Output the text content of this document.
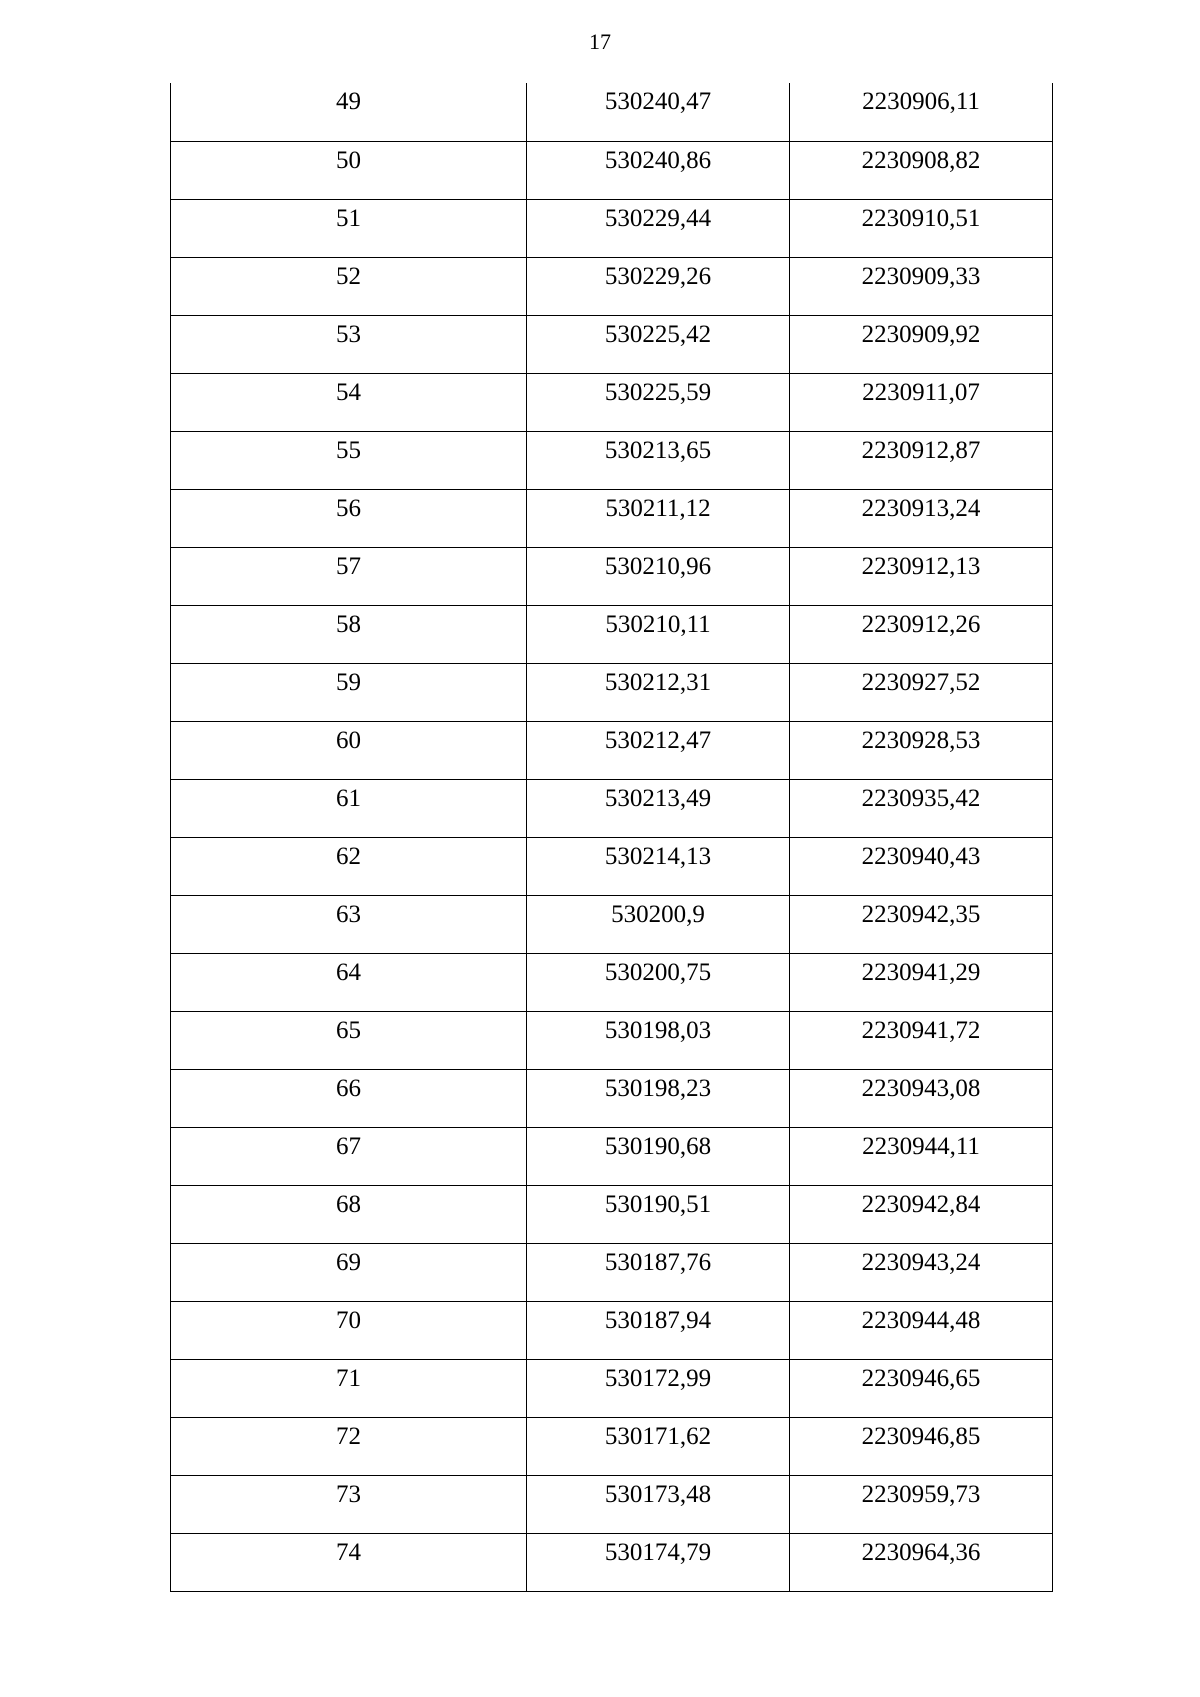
17
49	530240,47	2230906,11
50	530240,86	2230908,82
51	530229,44	2230910,51
52	530229,26	2230909,33
53	530225,42	2230909,92
54	530225,59	2230911,07
55	530213,65	2230912,87
56	530211,12	2230913,24
57	530210,96	2230912,13
58	530210,11	2230912,26
59	530212,31	2230927,52
60	530212,47	2230928,53
61	530213,49	2230935,42
62	530214,13	2230940,43
63	530200,9	2230942,35
64	530200,75	2230941,29
65	530198,03	2230941,72
66	530198,23	2230943,08
67	530190,68	2230944,11
68	530190,51	2230942,84
69	530187,76	2230943,24
70	530187,94	2230944,48
71	530172,99	2230946,65
72	530171,62	2230946,85
73	530173,48	2230959,73
74	530174,79	2230964,36
